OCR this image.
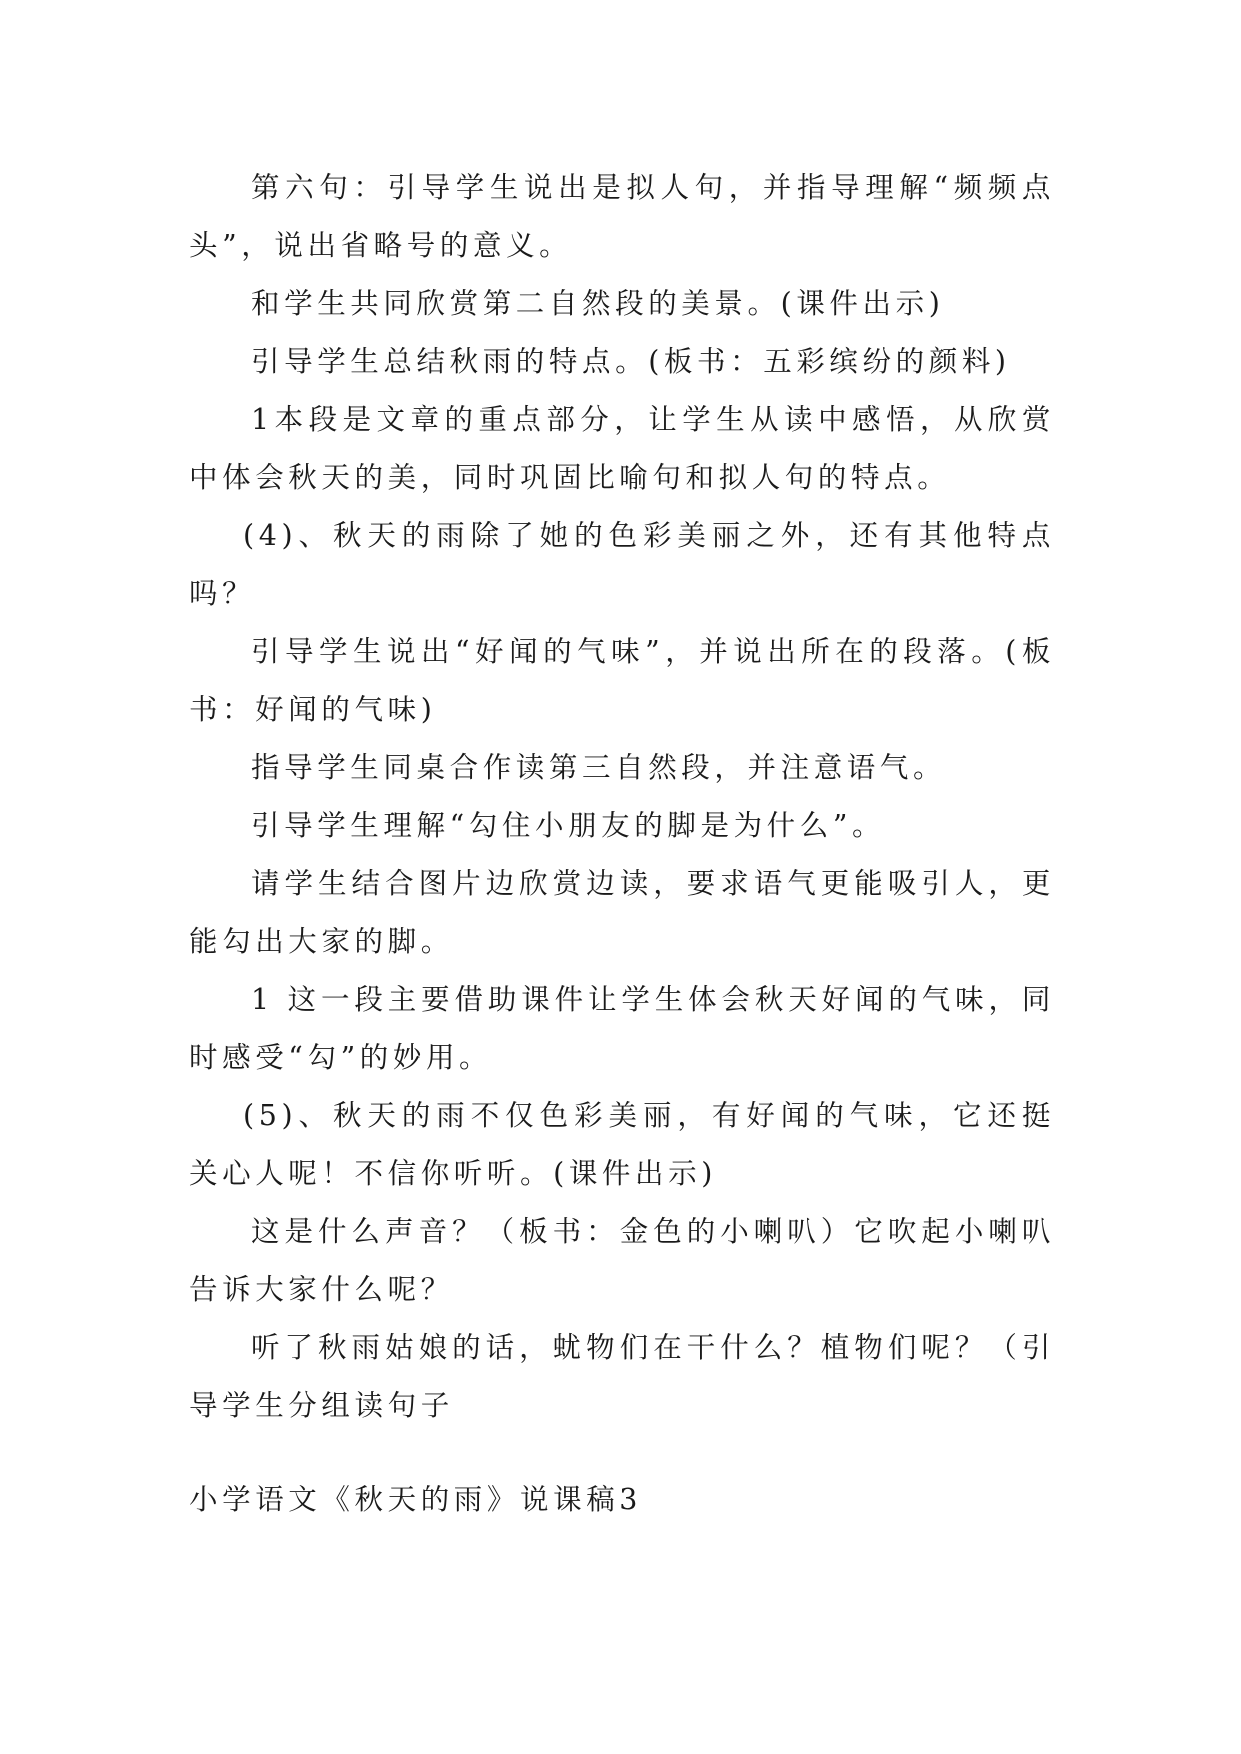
第六句：引导学生说出是拟人句，并指导理解“频频点头”，说出省略号的意义。

和学生共同欣赏第二自然段的美景。(课件出示)

引导学生总结秋雨的特点。(板书：五彩缤纷的颜料)

1本段是文章的重点部分，让学生从读中感悟，从欣赏中体会秋天的美，同时巩固比喻句和拟人句的特点。

(4)、秋天的雨除了她的色彩美丽之外，还有其他特点吗？

引导学生说出“好闻的气味”，并说出所在的段落。(板书：好闻的气味)

指导学生同桌合作读第三自然段，并注意语气。

引导学生理解“勾住小朋友的脚是为什么”。

请学生结合图片边欣赏边读，要求语气更能吸引人，更能勾出大家的脚。

1 这一段主要借助课件让学生体会秋天好闻的气味，同时感受“勾”的妙用。

(5)、秋天的雨不仅色彩美丽，有好闻的气味，它还挺关心人呢！不信你听听。(课件出示)

这是什么声音？（板书：金色的小喇叭）它吹起小喇叭告诉大家什么呢？

听了秋雨姑娘的话，蚘物们在干什么？植物们呢？（引导学生分组读句子

小学语文《秋天的雨》说课稿3
